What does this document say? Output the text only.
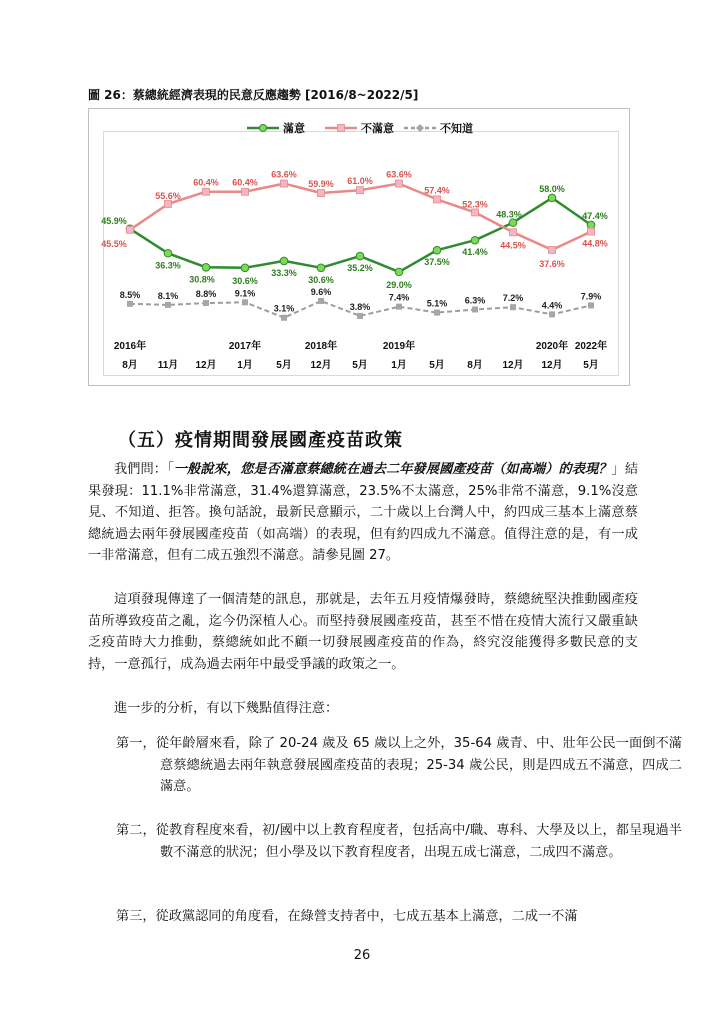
圖 26：蔡總統經濟表現的民意反應趨勢 [2016/8~2022/5]
滿意	不滿意	不知道
45.9%
36.3%
30.8% 30.6%
33.3%
30.6%
35.2%
29.0%
37.5%
41.4%
48.3%
58.0%
47.4%
45.5%
55.6%
60.4% 60.4%
63.6%
59.9% 61.0%
63.6%
57.4%
52.3%
44.5%
37.6%
44.8%
8.5% 8.1% 8.8% 9.1%
3.1%
9.6%
3.8%
7.4%
5.1% 6.3% 7.2%
4.4%
7.9%
2016年	2017年	2018年	2019年	2020年 2022年
8月 11月 12月 1月 5月 12月 5月 1月 5月 8月 12月 12月 5月
（五）疫情期間發展國產疫苗政策

我們問：「一般說來，您是否滿意蔡總統在過去二年發展國產疫苗（如高端）的表現？」結果發現：11.1%非常滿意，31.4%還算滿意，23.5%不太滿意，25%非常不滿意，9.1%沒意見、不知道、拒答。換句話說，最新民意顯示，二十歲以上台灣人中，約四成三基本上滿意蔡總統過去兩年發展國產疫苗（如高端）的表現，但有約四成九不滿意。值得注意的是，有一成一非常滿意，但有二成五強烈不滿意。請參見圖 27。

這項發現傳達了一個清楚的訊息，那就是，去年五月疫情爆發時，蔡總統堅決推動國產疫苗所導致疫苗之亂，迄今仍深植人心。而堅持發展國產疫苗，甚至不惜在疫情大流行又嚴重缺乏疫苗時大力推動，蔡總統如此不顧一切發展國產疫苗的作為，終究沒能獲得多數民意的支持，一意孤行，成為過去兩年中最受爭議的政策之一。

進一步的分析，有以下幾點值得注意：

第一，從年齡層來看，除了 20-24 歲及 65 歲以上之外，35-64 歲青、中、壯年公民一面倒不滿意蔡總統過去兩年執意發展國產疫苗的表現；25-34 歲公民，則是四成五不滿意，四成二滿意。

第二，從教育程度來看，初/國中以上教育程度者，包括高中/職、專科、大學及以上，都呈現過半數不滿意的狀況；但小學及以下教育程度者，出現五成七滿意，二成四不滿意。

第三，從政黨認同的角度看，在綠營支持者中，七成五基本上滿意，二成一不滿

26
